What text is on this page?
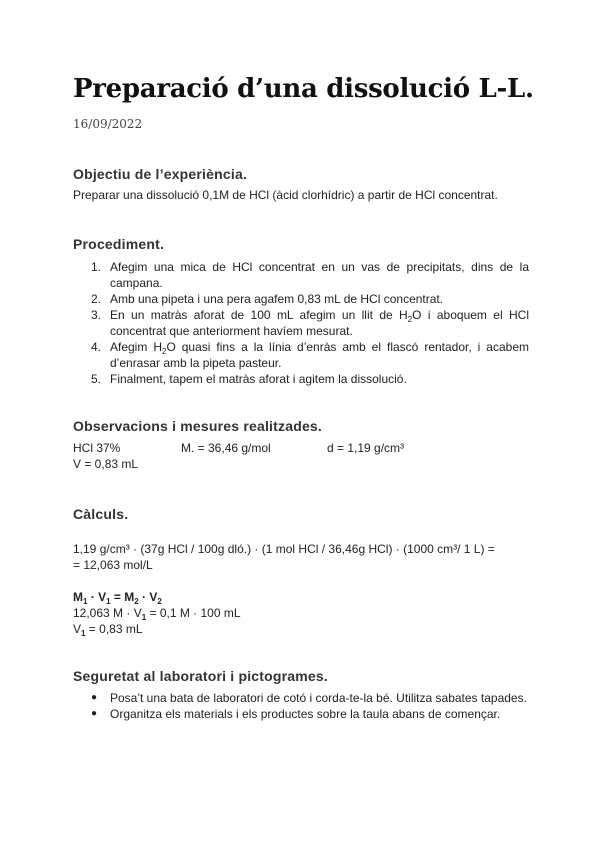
Preparació d’una dissolució L-L.
16/09/2022
Objectiu de l’experiència.
Preparar una dissolució 0,1M de HCl (àcid clorhídric) a partir de HCl concentrat.
Procediment.
1. Afegim una mica de HCl concentrat en un vas de precipitats, dins de la campana.
2. Amb una pipeta i una pera agafem 0,83 mL de HCl concentrat.
3. En un matràs aforat de 100 mL afegim un llit de $H_2O$ i aboquem el HCl concentrat que anteriorment havíem mesurat.
4. Afegim $H_2O$ quasi fins a la línia d’enràs amb el flascó rentador, i acabem d’enrasar amb la pipeta pasteur.
5. Finalment, tapem el matràs aforat i agitem la dissolució.
Observacions i mesures realitzades.
HCl 37%	M. = 36,46 g/mol	d = 1,19 g/cm³
V = 0,83 mL
Càlculs.
1,19 g/cm³ · (37g HCl / 100g dló.) · (1 mol HCl / 36,46g HCl) · (1000 cm³/ 1 L) =
= 12,063 mol/L
$M_1 \cdot V_1 = M_2 \cdot V_2$
12,063 $M \cdot V_1 = 0,1$ M · 100 mL
$V_1 = 0,83$ mL
Seguretat al laboratori i pictogrames.
● Posa’t una bata de laboratori de cotó i corda-te-la bé. Utilitza sabates tapades.
● Organitza els materials i els productes sobre la taula abans de començar.
